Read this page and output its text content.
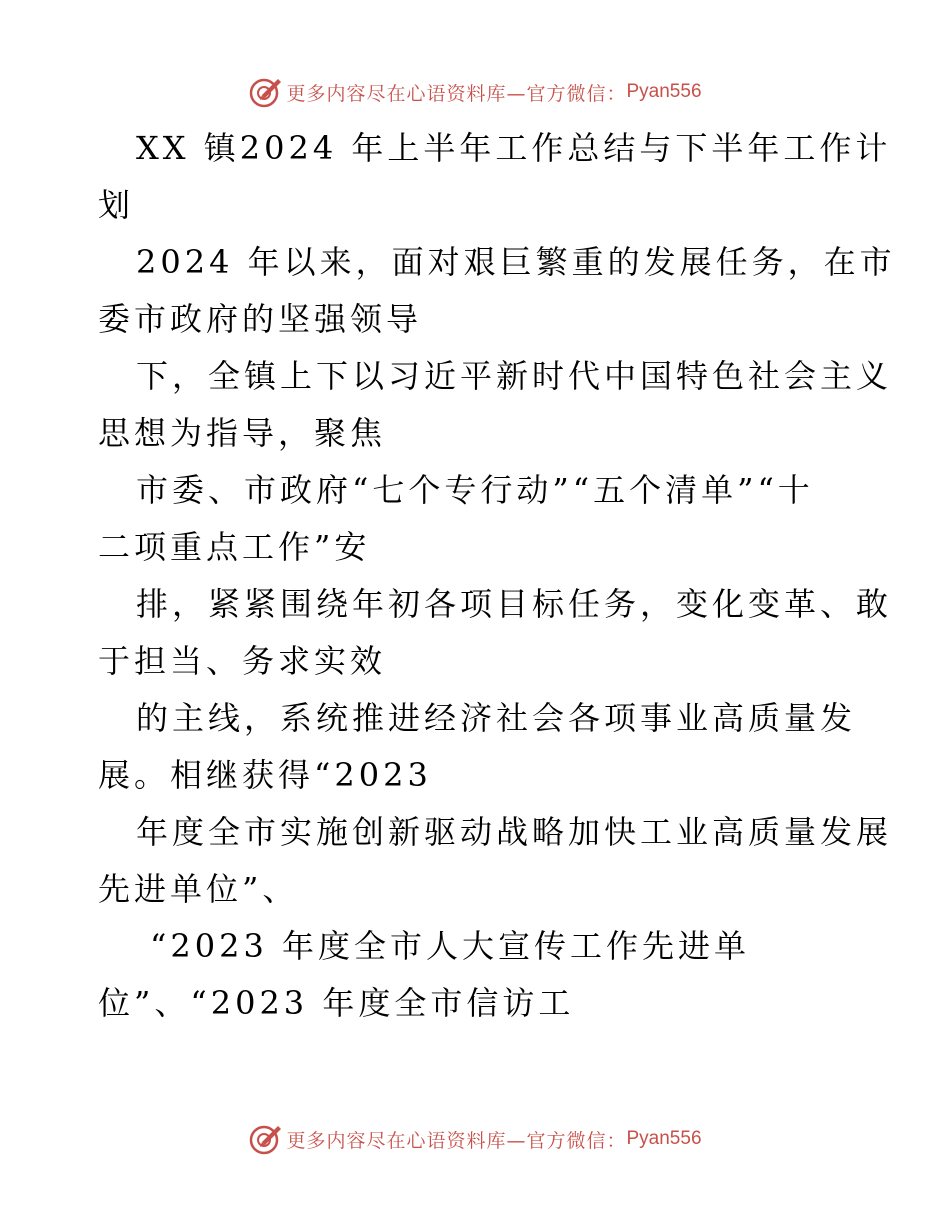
更多内容尽在心语资料库—官方微信： Pyan556
XX 镇2024 年上半年工作总结与下半年工作计
划
2024 年以来，面对艰巨繁重的发展任务，在市
委市政府的坚强领导
下，全镇上下以习近平新时代中国特色社会主义
思想为指导，聚焦
市委、市政府“七个专行动”“五个清单”“十
二项重点工作”安
排，紧紧围绕年初各项目标任务，变化变革、敢
于担当、务求实效
的主线，系统推进经济社会各项事业高质量发
展。相继获得“2023
年度全市实施创新驱动战略加快工业高质量发展
先进单位”、
“2023 年度全市人大宣传工作先进单
位”、“2023 年度全市信访工
更多内容尽在心语资料库—官方微信： Pyan556
